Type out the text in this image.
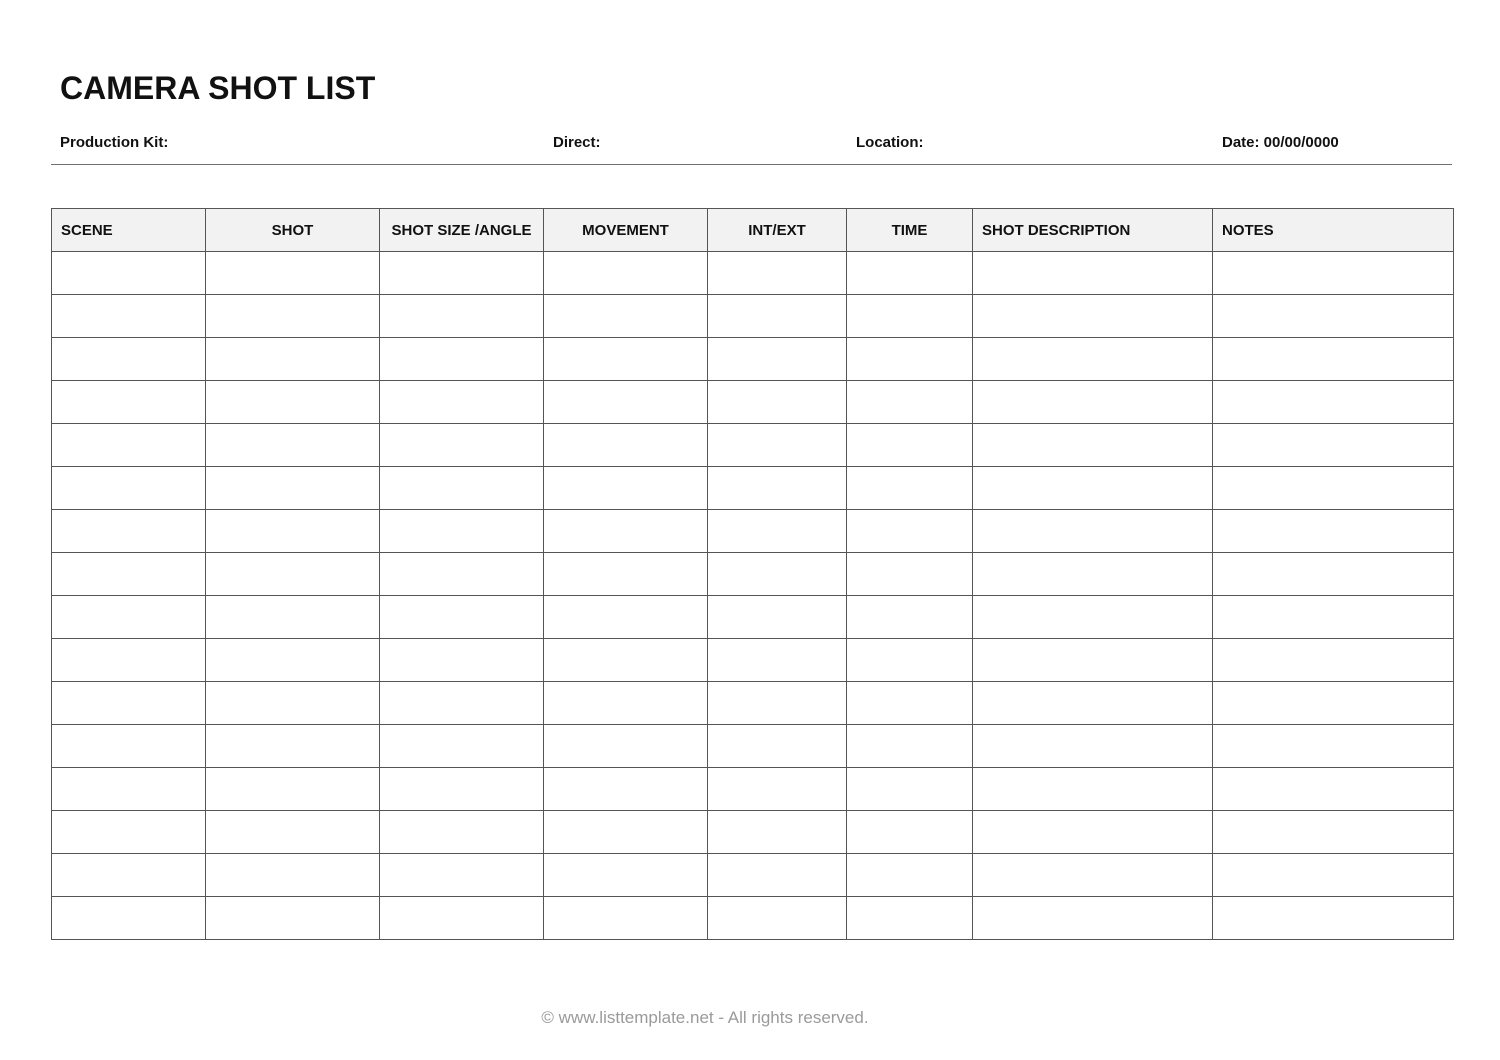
CAMERA SHOT LIST
Production Kit:	Direct:	Location:	Date: 00/00/0000
SCENE	SHOT	SHOT SIZE /ANGLE	MOVEMENT	INT/EXT	TIME	SHOT DESCRIPTION	NOTES

© www.listtemplate.net - All rights reserved.
